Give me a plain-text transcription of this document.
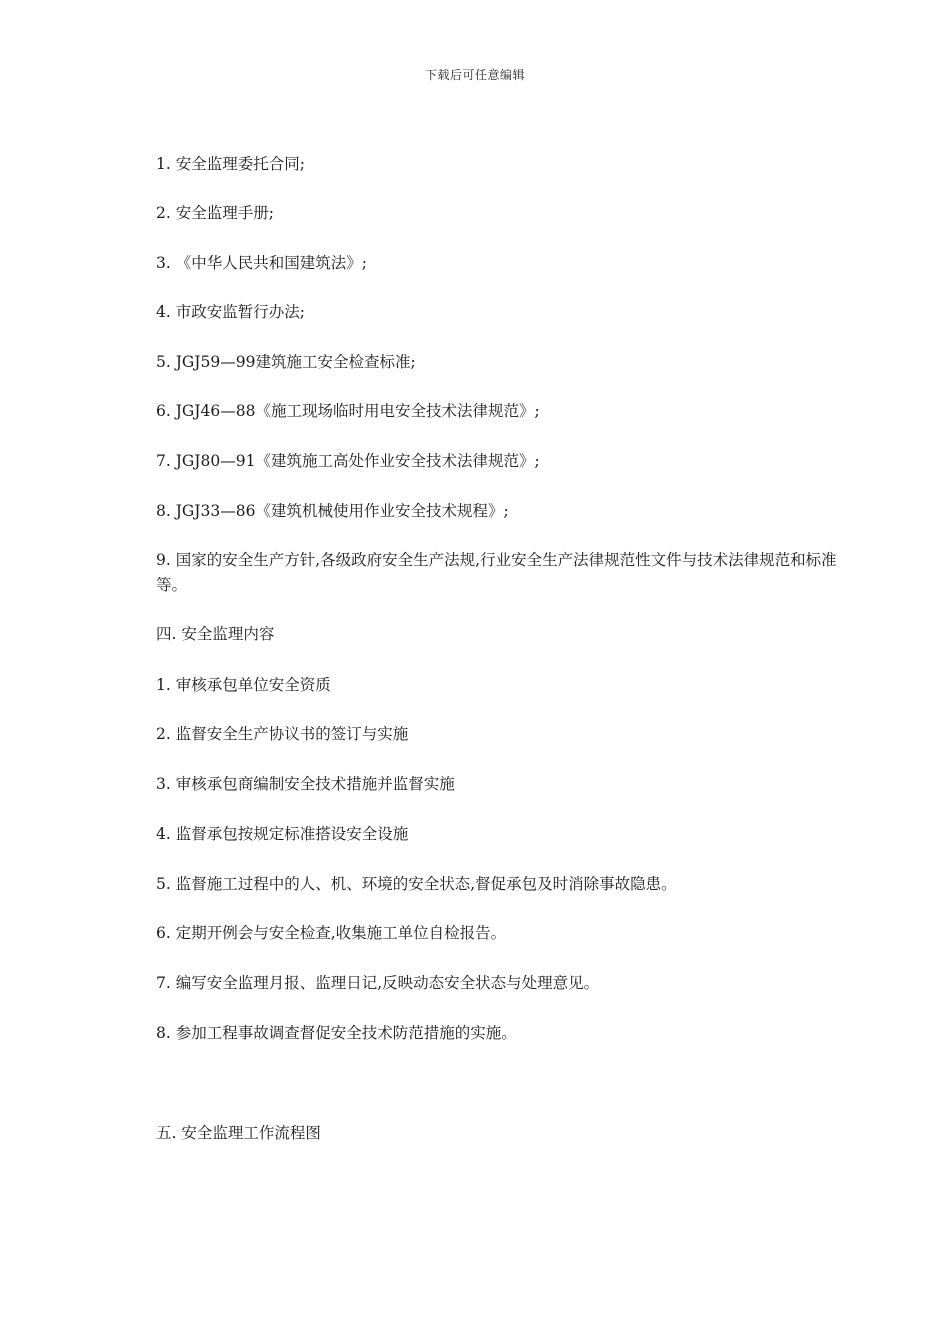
下载后可任意编辑
1. 安全监理委托合同;
2. 安全监理手册;
3. 《中华人民共和国建筑法》;
4. 市政安监暂行办法;
5. JGJ59—99建筑施工安全检查标准;
6. JGJ46—88《施工现场临时用电安全技术法律规范》;
7. JGJ80—91《建筑施工高处作业安全技术法律规范》;
8. JGJ33—86《建筑机械使用作业安全技术规程》;
9. 国家的安全生产方针,各级政府安全生产法规,行业安全生产法律规范性文件与技术法律规范和标准等。
四. 安全监理内容
1. 审核承包单位安全资质
2. 监督安全生产协议书的签订与实施
3. 审核承包商编制安全技术措施并监督实施
4. 监督承包按规定标准搭设安全设施
5. 监督施工过程中的人、机、环境的安全状态,督促承包及时消除事故隐患。
6. 定期开例会与安全检查,收集施工单位自检报告。
7. 编写安全监理月报、监理日记,反映动态安全状态与处理意见。
8. 参加工程事故调查督促安全技术防范措施的实施。
五. 安全监理工作流程图
